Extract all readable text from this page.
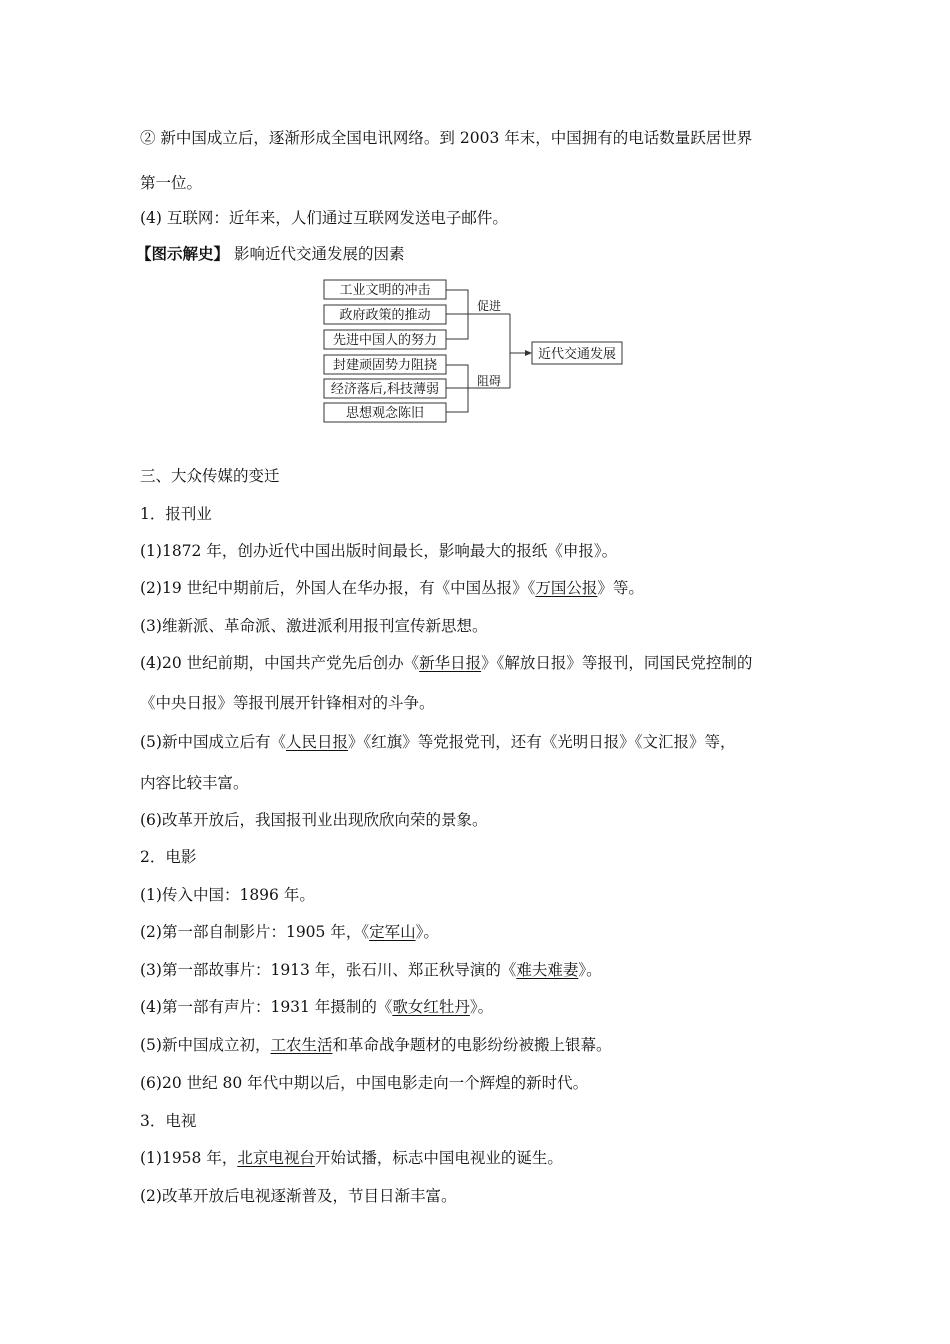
② 新中国成立后，逐渐形成全国电讯网络。到 2003 年末，中国拥有的电话数量跃居世界
第一位。
(4) 互联网：近年来，人们通过互联网发送电子邮件。
【图示解史】 影响近代交通发展的因素
工业文明的冲击
政府政策的推动
先进中国人的努力
封建顽固势力阻挠
经济落后,科技薄弱
思想观念陈旧
促进
阻碍
近代交通发展
三、大众传媒的变迁
1．报刊业
(1)1872 年，创办近代中国出版时间最长，影响最大的报纸《申报》。
(2)19 世纪中期前后，外国人在华办报，有《中国丛报》《万国公报》等。
(3)维新派、革命派、激进派利用报刊宣传新思想。
(4)20 世纪前期，中国共产党先后创办《新华日报》《解放日报》等报刊，同国民党控制的
《中央日报》等报刊展开针锋相对的斗争。
(5)新中国成立后有《人民日报》《红旗》等党报党刊，还有《光明日报》《文汇报》等，
内容比较丰富。
(6)改革开放后，我国报刊业出现欣欣向荣的景象。
2．电影
(1)传入中国：1896 年。
(2)第一部自制影片：1905 年，《定军山》。
(3)第一部故事片：1913 年，张石川、郑正秋导演的《难夫难妻》。
(4)第一部有声片：1931 年摄制的《歌女红牡丹》。
(5)新中国成立初，工农生活和革命战争题材的电影纷纷被搬上银幕。
(6)20 世纪 80 年代中期以后，中国电影走向一个辉煌的新时代。
3．电视
(1)1958 年，北京电视台开始试播，标志中国电视业的诞生。
(2)改革开放后电视逐渐普及，节目日渐丰富。
